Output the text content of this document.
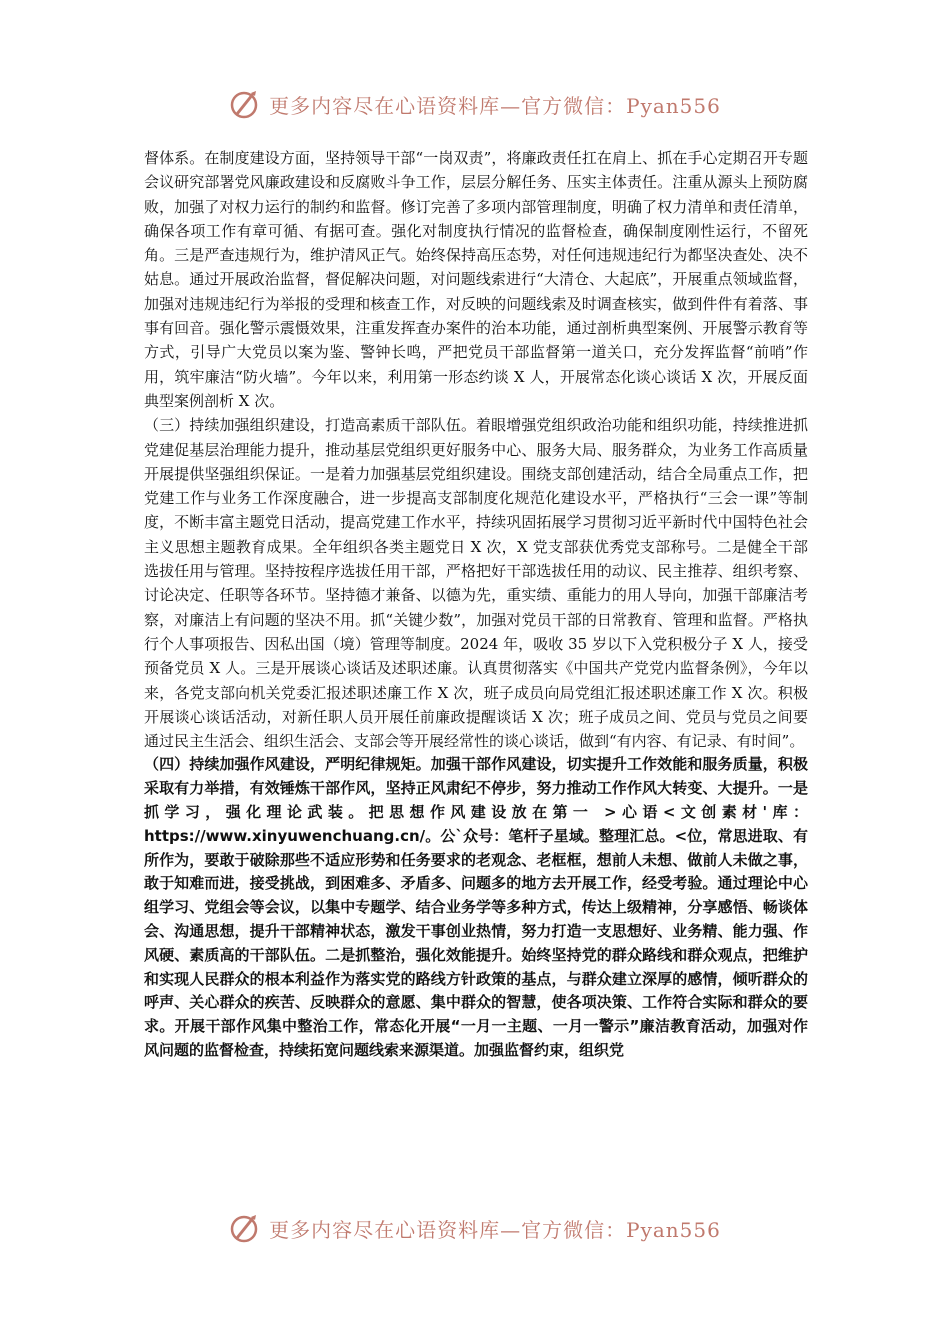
更多内容尽在心语资料库—官方微信：Pyan556

督体系。在制度建设方面，坚持领导干部“一岗双责”，将廉政责任扛在肩上、抓在手心定期召开专题会议研究部署党风廉政建设和反腐败斗争工作，层层分解任务、压实主体责任。注重从源头上预防腐败，加强了对权力运行的制约和监督。修订完善了多项内部管理制度，明确了权力清单和责任清单，确保各项工作有章可循、有据可查。强化对制度执行情况的监督检查，确保制度刚性运行，不留死角。三是严查违规行为，维护清风正气。始终保持高压态势，对任何违规违纪行为都坚决查处、决不姑息。通过开展政治监督，督促解决问题，对问题线索进行“大清仓、大起底”，开展重点领域监督，加强对违规违纪行为举报的受理和核查工作，对反映的问题线索及时调查核实，做到件件有着落、事事有回音。强化警示震慑效果，注重发挥查办案件的治本功能，通过剖析典型案例、开展警示教育等方式，引导广大党员以案为鉴、警钟长鸣，严把党员干部监督第一道关口，充分发挥监督“前哨”作用，筑牢廉洁“防火墙”。今年以来，利用第一形态约谈 X 人，开展常态化谈心谈话 X 次，开展反面典型案例剖析 X 次。

（三）持续加强组织建设，打造高素质干部队伍。着眼增强党组织政治功能和组织功能，持续推进抓党建促基层治理能力提升，推动基层党组织更好服务中心、服务大局、服务群众，为业务工作高质量开展提供坚强组织保证。一是着力加强基层党组织建设。围绕支部创建活动，结合全局重点工作，把党建工作与业务工作深度融合，进一步提高支部制度化规范化建设水平，严格执行“三会一课”等制度，不断丰富主题党日活动，提高党建工作水平，持续巩固拓展学习贯彻习近平新时代中国特色社会主义思想主题教育成果。全年组织各类主题党日 X 次，X 党支部获优秀党支部称号。二是健全干部选拔任用与管理。坚持按程序选拔任用干部，严格把好干部选拔任用的动议、民主推荐、组织考察、讨论决定、任职等各环节。坚持德才兼备、以德为先，重实绩、重能力的用人导向，加强干部廉洁考察，对廉洁上有问题的坚决不用。抓“关键少数”，加强对党员干部的日常教育、管理和监督。严格执行个人事项报告、因私出国（境）管理等制度。2024 年，吸收 35 岁以下入党积极分子 X 人，接受预备党员 X 人。三是开展谈心谈话及述职述廉。认真贯彻落实《中国共产党党内监督条例》，今年以来，各党支部向机关党委汇报述职述廉工作 X 次，班子成员向局党组汇报述职述廉工作 X 次。积极开展谈心谈话活动，对新任职人员开展任前廉政提醒谈话 X 次；班子成员之间、党员与党员之间要通过民主生活会、组织生活会、支部会等开展经常性的谈心谈话，做到“有内容、有记录、有时间”。

（四）持续加强作风建设，严明纪律规矩。加强干部作风建设，切实提升工作效能和服务质量，积极采取有力举措，有效锤炼干部作风，坚持正风肃纪不停步，努力推动工作作风大转变、大提升。一是抓学习，强化理论武装。把思想作风建设放在第一 >心语<文创素材'库：https://www.xinyuwenchuang.cn/。公`众号：笔杆子星域。整理汇总。<位，常思进取、有所作为，要敢于破除那些不适应形势和任务要求的老观念、老框框，想前人未想、做前人未做之事，敢于知难而进，接受挑战，到困难多、矛盾多、问题多的地方去开展工作，经受考验。通过理论中心组学习、党组会等会议，以集中专题学、结合业务学等多种方式，传达上级精神，分享感悟、畅谈体会、沟通思想，提升干部精神状态，激发干事创业热情，努力打造一支思想好、业务精、能力强、作风硬、素质高的干部队伍。二是抓整治，强化效能提升。始终坚持党的群众路线和群众观点，把维护和实现人民群众的根本利益作为落实党的路线方针政策的基点，与群众建立深厚的感情，倾听群众的呼声、关心群众的疾苦、反映群众的意愿、集中群众的智慧，使各项决策、工作符合实际和群众的要求。开展干部作风集中整治工作，常态化开展“一月一主题、一月一警示”廉洁教育活动，加强对作风问题的监督检查，持续拓宽问题线索来源渠道。加强监督约束，组织党

更多内容尽在心语资料库—官方微信：Pyan556
